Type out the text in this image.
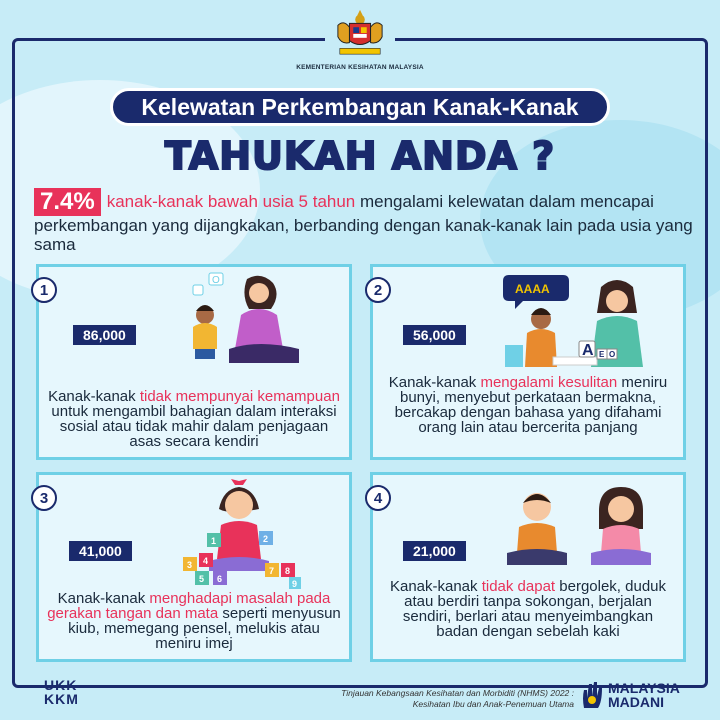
KEMENTERIAN KESIHATAN MALAYSIA
Kelewatan Perkembangan Kanak-Kanak
TAHUKAH ANDA ?
7.4% kanak-kanak bawah usia 5 tahun mengalami kelewatan dalam mencapai perkembangan yang dijangkakan, berbanding dengan kanak-kanak lain pada usia yang sama
1
86,000
O
Kanak-kanak tidak mempunyai kemampuan untuk mengambil bahagian dalam interaksi sosial atau tidak mahir dalam penjagaan asas secara kendiri
2
56,000
AAAA
A E O
Kanak-kanak mengalami kesulitan meniru bunyi, menyebut perkataan bermakna, bercakap dengan bahasa yang difahami orang lain atau bercerita panjang
3
41,000
3 4
5 6
1	2
7 8
9
Kanak-kanak menghadapi masalah pada gerakan tangan dan mata seperti menyusun kiub, memegang pensel, melukis atau meniru imej
4
21,000
Kanak-kanak tidak dapat bergolek, duduk atau berdiri tanpa sokongan, berjalan sendiri, berlari atau menyeimbangkan badan dengan sebelah kaki
UKK
KKM	Tinjauan Kebangsaan Kesihatan dan Morbiditi (NHMS) 2022 :
Kesihatan Ibu dan Anak-Penemuan Utama
MALAYSIA
MADANI
